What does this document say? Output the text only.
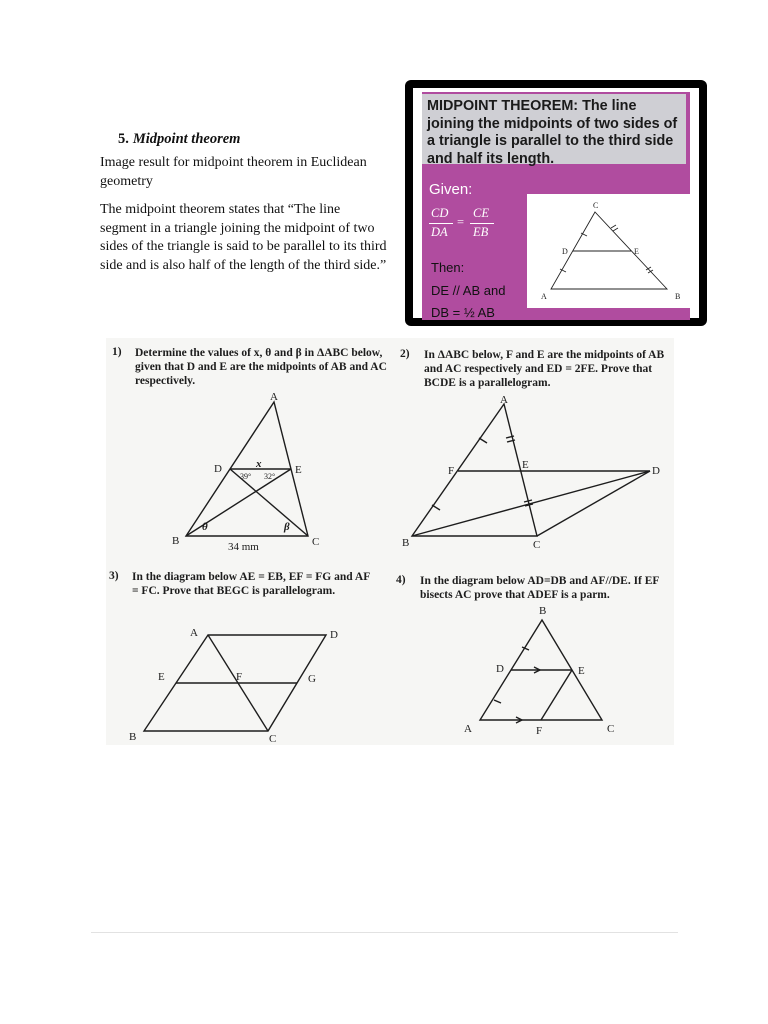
5. Midpoint theorem

Image result for midpoint theorem in Euclidean geometry

The midpoint theorem states that “The line segment in a triangle joining the midpoint of two sides of the triangle is said to be parallel to its third side and is also half of the length of the third side.”

MIDPOINT THEOREM: The line joining the midpoints of two sides of a triangle is parallel to the third side and half its length.
Given:
CD
DA
=
CE
EB
Then:
DE // AB and
DB = ½ AB
C
D	E
A	B
1) Determine the values of x, θ and β in ΔABC below, given that D and E are the midpoints of AB and AC respectively.
A
D	E
B	C
x
39° 32°
θ	β
34 mm
2) In ΔABC below, F and E are the midpoints of AB and AC respectively and ED = 2FE. Prove that BCDE is a parallelogram.
A
F	E	D
B	C
3) In the diagram below AE = EB, EF = FG and AF = FC. Prove that BEGC is parallelogram.
A	D
E	F	G
B	C
4) In the diagram below AD=DB and AF//DE. If EF bisects AC prove that ADEF is a parm.
B
D	E
A	F	C
